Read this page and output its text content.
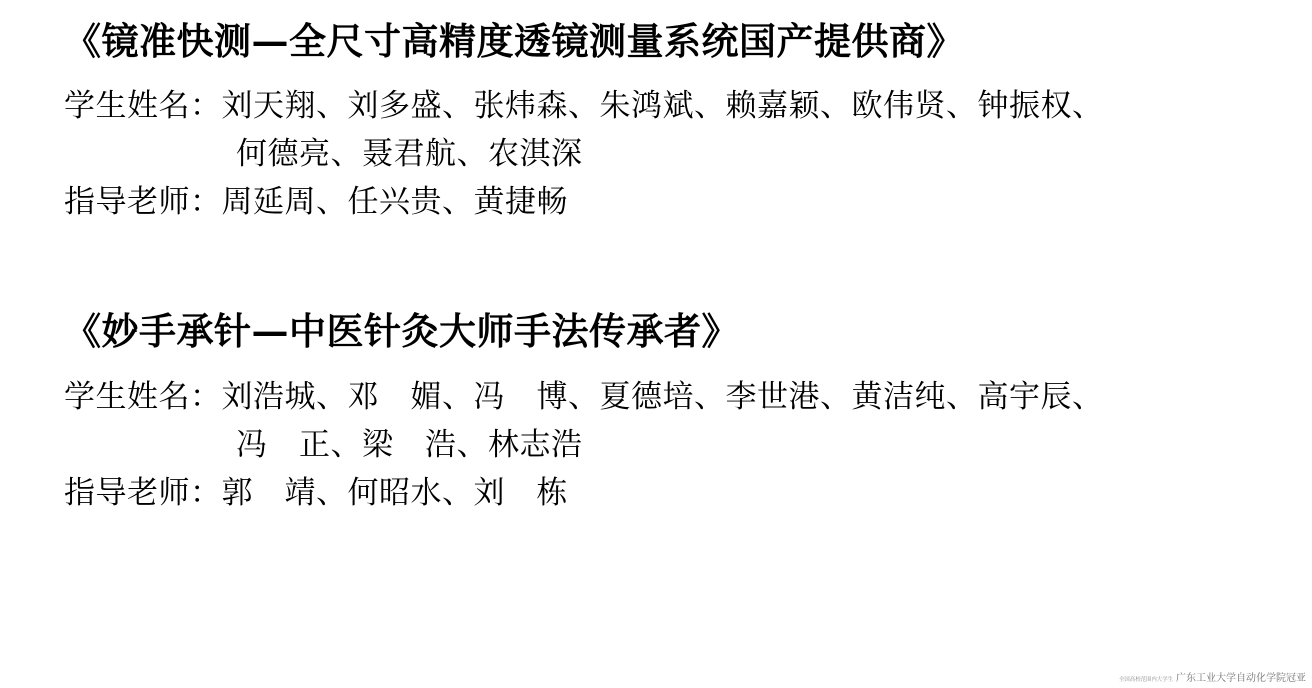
《镜准快测—全尺寸高精度透镜测量系统国产提供商》
学生姓名：刘天翔、刘多盛、张炜森、朱鸿斌、赖嘉颖、欧伟贤、钟振权、
何德亮、聂君航、农淇深
指导老师：周延周、任兴贵、黄捷畅
《妙手承针—中医针灸大师手法传承者》
学生姓名：刘浩城、邓　媚、冯　博、夏德培、李世港、黄洁纯、高宇辰、
冯　正、梁　浩、林志浩
指导老师：郭　靖、何昭水、刘　栋
全国高校范围内大学生 广东工业大学自动化学院冠亚
